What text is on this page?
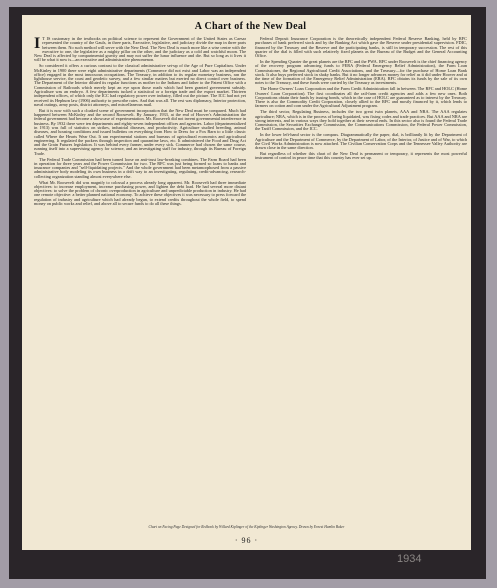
A Chart of the New Deal
I T IS customary in the textbooks on political science to represent the Government of the United States as Caesar represented the country of the Gauls, in three parts, Executive, legislative, and judiciary divide the map in three parts between them. No such method will serve with the New Deal. The New Deal is much more like a wise centre with the executive to one, the legislative as a mighty pillar on the other, and the judiciary as a cold and watchful moon. The New Deal is affected by compartmental gravity and may not suffer the lunar influence and die. But so long as it lives it will be what it now is—an executive and administrative phenomenon.

So considered it offers a curious contrast to the classical administrative set-up of the Age of Pure Capitalism. Under McKinley in 1900 there were eight administrative departments (Commerce did not exist and Labor was an independent office) engaged in the most innocuous occupations. The Treasury, in addition to its regular monetary business, ran the lighthouse service, the coast and geodetic survey, and a few similar matters but exerted no direct control over business. The Department of the Interior diluted its regular functions as mother to the Indians and father to the Patent Office with a Commission of Railroads which merely kept an eye upon those roads which had been granted government subsidy. Agriculture was an embryo. A few departments tucked a statistical or a foreign trade and the export market. Thirteen independent offices, of which only the ICC had regulatory power over industry, filled out the picture. The ICC had not yet received its Hepburn law (1906) authority to prescribe rates. And that was all. The rest was diplomacy, Interior protection, naval outings, army posts, district attorneys, and miscellaneous mail.

But it is now with such a cloaked scene of government incorporation that the New Deal must be compared. Much had happened between McKinley and the second Roosevelt. By January, 1933, at the end of Hoover's Administration the federal government had become a showcase of experimentation. Mr. Roosevelt did not invent governmental interference in business. By 1932 there were ten departments and eighty-seven independent offices and agencies. Labor (departmentalized in 1913) was full of statistics on strikes, industrial diseases, and productivity. Agriculture studied breeding, animal diseases, and housing conditions and issued bulletins on everything from How to Dress for a Fox Barn to a little classic called Where the Hearts Wear Out. It ran experimental stations and bureaus of agricultural economics and agricultural engineering. It regulated the packers through inspection and quarantine laws, etc. It administered the Food and Drug Act and the Grain Futures legislation. It was behind every farmer, under every sick. Commerce had chosen the same course, running itself into a supervising agency for science, and an investigating staff for industry, through its Bureau of Foreign Trade.

The Federal Trade Commission had been turned loose on anti-trust law-breaking combines. The Farm Board had been in operation for three years and the Power Commission for two. The RFC was just being formed so loans to banks and insurance companies and "self-liquidating projects." And the whole government had been metamorphosed from a passive administrative body modeling its own business in a drift way to an investigating, regulating, credit-advancing, research-collecting organization standing almost everywhere else.

What Mr. Roosevelt did was magnify to colossal a process already long apparent. Mr. Roosevelt had three immediate objectives: to increase employment, increase purchasing power, and lighten the debt load. He had several more distant objectives: to solve the problem of chronic overproduction in agriculture and unpredictable production in industry. He had one remote objective: a better planned national economy. To achieve these objectives it was necessary to press forward the regulation of industry and agriculture which had already begun, to extend credits throughout the whole field, to spend money on public works and relief, and above all to secure funds to do all these things.

Federal Deposit Insurance Corporation is the theoretically independent Federal Reserve Banking, held by RFC purchases of bank preferred stock and by the Banking Act which gave the Reserve under presidential supervision. FDIC, financed by the Treasury and the Reserve and the participating banks, is still in temporary succession. The rest of this quarter of the dial is filled with such relatively fixed planets as the Bureau of the Budget and the General Accounting Office.

In the Spending Quarter the great planets are the RFC and the PWA. RFC under Roosevelt is the chief financing agency of the recovery program advancing funds to FERA (Federal Emergency Relief Administration), the Farm Loan Commissioner, the Regional Agricultural Credit Associations, and the Treasury—for the purchase of Home Loan Bank stock. It also buys preferred stock in shaky banks. But it no longer advances money for relief as it did under Hoover and at the time of the formation of the Emergency Relief Administration (ERA). RFC obtains its funds by the sale of its own notes to the Treasury, and these funds were carried by the Treasury as investments.

The Home Owners' Loan Corporation and the Farm Credit Administration fall in between. The RFC and HOLC (Home Owners' Loan Corporation). The first coordinates all the rail-farm credit agencies and adds a few new ones. Both Corporations obtain their funds by issuing bonds, which in the case of HOLC are guaranteed as to interest by the Treasury. There is also the Commodity Credit Corporation, closely allied to the RFC and mostly financed by it, which lends to farmers on cotton and corn under the Agricultural Adjustment program.

The third sector, Regulating Business, includes the two great twin planets, AAA and NRA. The AAA regulates agriculture; NRA, which is in the process of being liquidated, was fixing codes and trade practices. But AAA and NRA are strong interests, and in various ways they hold together at their several ends. In this sector also is found the Federal Trade Commission, the Securities Exchange Commission, the Communications Commission, the Federal Power Commission, the Tariff Commission, and the ICC.

In the lower left-hand sector is the compass. Diagrammatically the paper, dial, is brilliantly lit by the Department of Agriculture and the Department of Commerce, by the Department of Labor, of the Interior, of Justice and of War, to which the Civil Works Administration is now attached. The Civilian Conservation Corps and the Tennessee Valley Authority are drawn close in the same direction.

But regardless of whether this chart of the New Deal is permanent or temporary, it represents the most powerful instrument of control in peace time that this country has ever set up.

Chart on Facing Page Designed for Redbook by Willard Kiplinger of the Kiplinger Washington Agency. Drawn by Ernest Hamlin Baker
· 96 ·
1934
